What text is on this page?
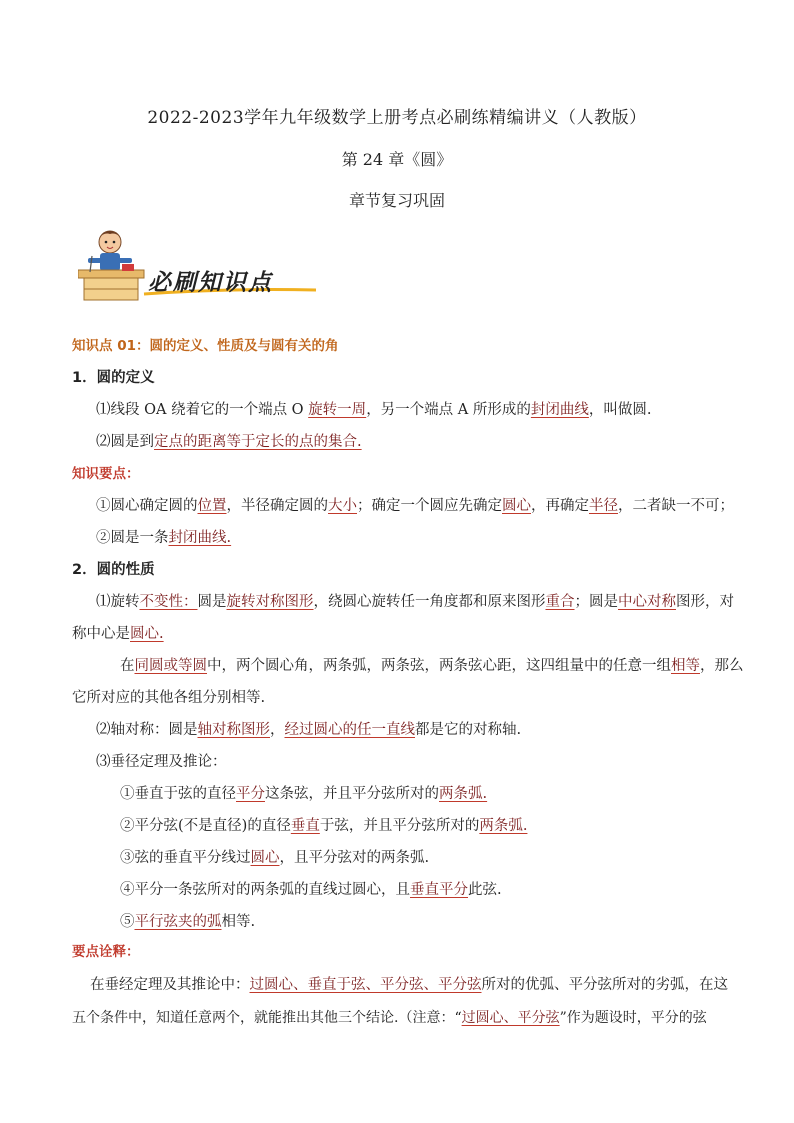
2022-2023学年九年级数学上册考点必刷练精编讲义（人教版）
第 24 章《圆》
章节复习巩固
必刷知识点
知识点 01：圆的定义、性质及与圆有关的角
1．圆的定义
⑴线段 OA 绕着它的一个端点 O 旋转一周，另一个端点 A 所形成的封闭曲线，叫做圆.
⑵圆是到定点的距离等于定长的点的集合.
知识要点：
①圆心确定圆的位置，半径确定圆的大小；确定一个圆应先确定圆心，再确定半径，二者缺一不可；
②圆是一条封闭曲线.
2．圆的性质
⑴旋转不变性：圆是旋转对称图形，绕圆心旋转任一角度都和原来图形重合；圆是中心对称图形，对
称中心是圆心.
在同圆或等圆中，两个圆心角，两条弧，两条弦，两条弦心距，这四组量中的任意一组相等，那么
它所对应的其他各组分别相等.
⑵轴对称：圆是轴对称图形，经过圆心的任一直线都是它的对称轴.
⑶垂径定理及推论：
①垂直于弦的直径平分这条弦，并且平分弦所对的两条弧.
②平分弦(不是直径)的直径垂直于弦，并且平分弦所对的两条弧.
③弦的垂直平分线过圆心，且平分弦对的两条弧.
④平分一条弦所对的两条弧的直线过圆心，且垂直平分此弦.
⑤平行弦夹的弧相等.
要点诠释：
在垂经定理及其推论中：过圆心、垂直于弦、平分弦、平分弦所对的优弧、平分弦所对的劣弧，在这
五个条件中，知道任意两个，就能推出其他三个结论.（注意：“过圆心、平分弦”作为题设时，平分的弦
